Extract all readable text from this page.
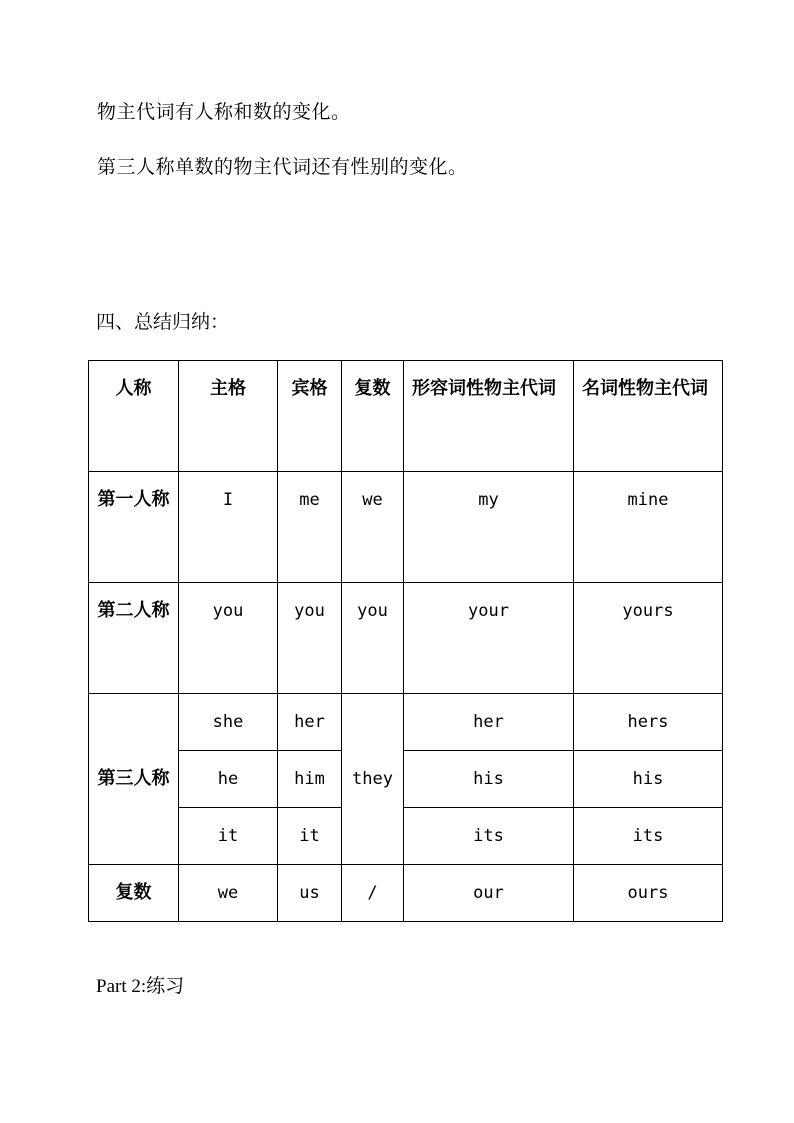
物主代词有人称和数的变化。
第三人称单数的物主代词还有性别的变化。
四、总结归纳：
人称	主格	宾格	复数	形容词性物主代词	名词性物主代词
第一人称	I	me	we	my	mine
第二人称	you	you	you	your	yours
第三人称	she	her	they	her	hers
	he	him		his	his
	it	it		its	its
复数	we	us	/	our	ours
Part 2:练习
